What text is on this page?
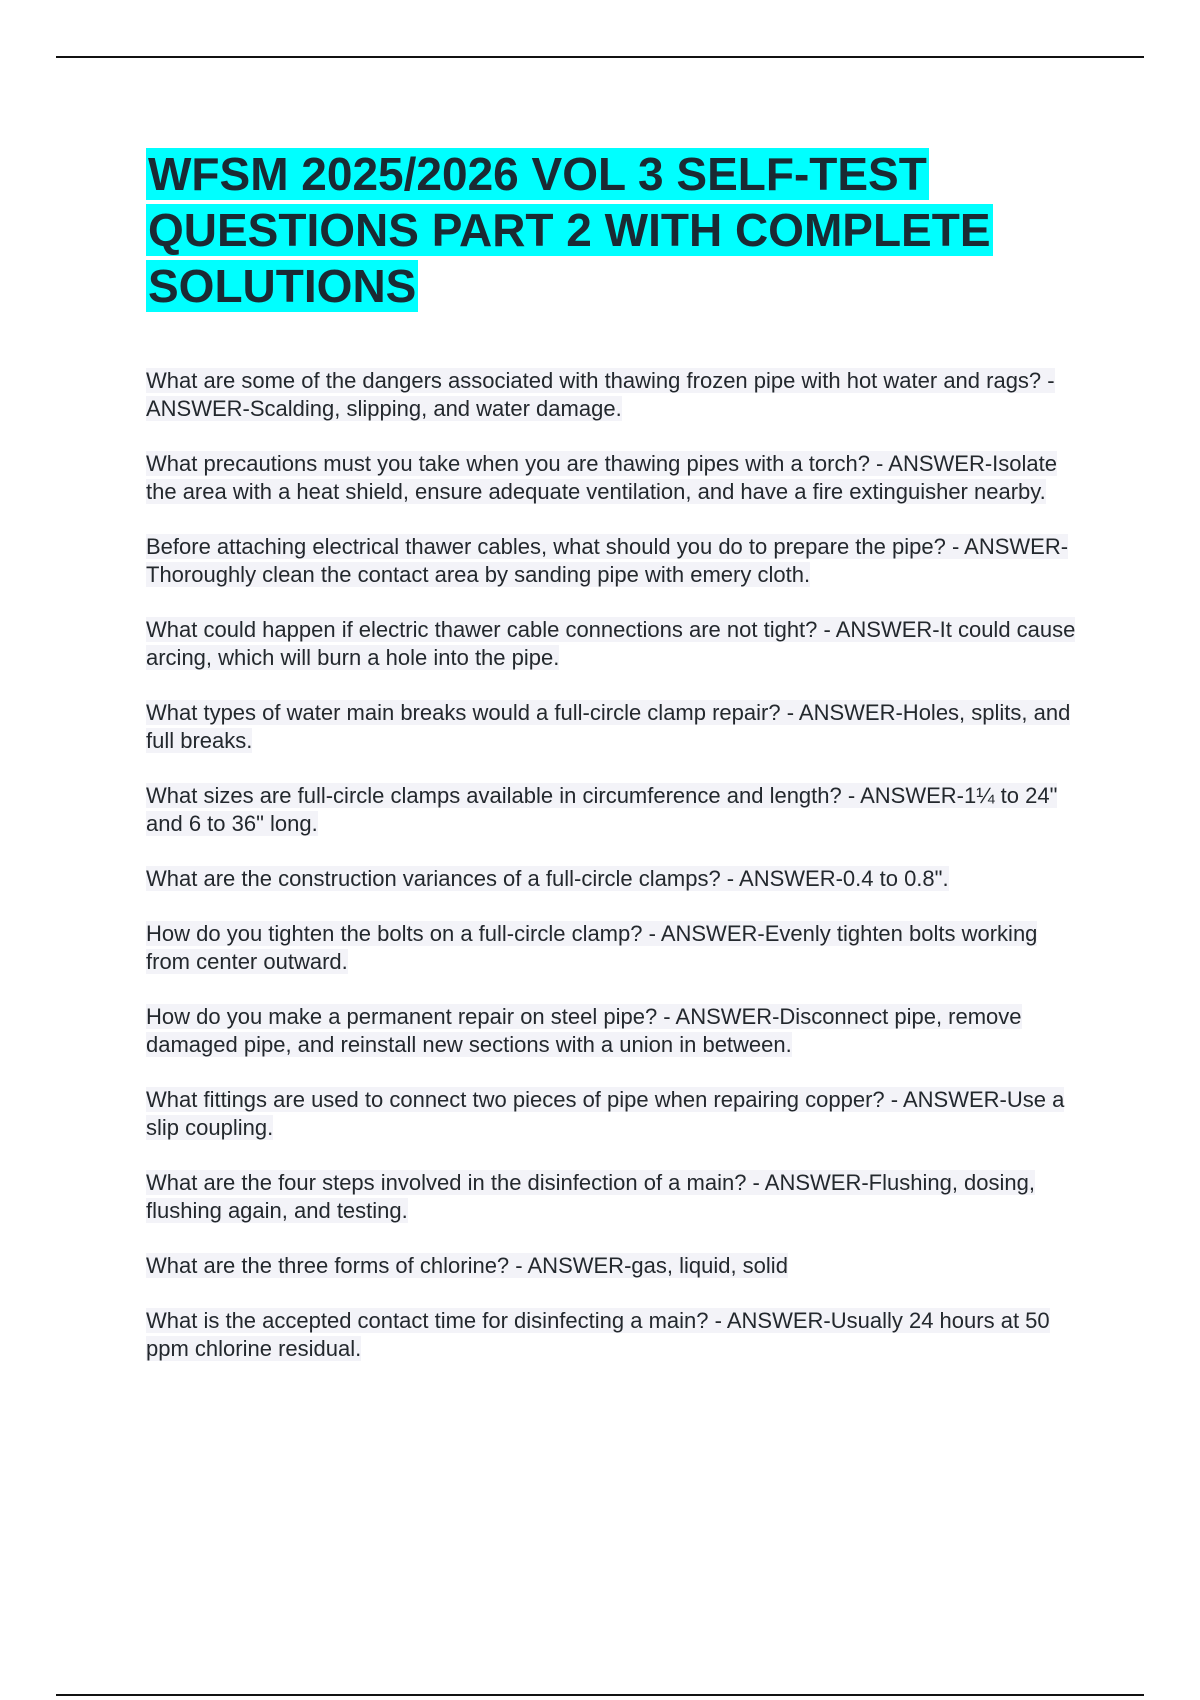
WFSM 2025/2026 VOL 3 SELF-TEST QUESTIONS PART 2 WITH COMPLETE SOLUTIONS
What are some of the dangers associated with thawing frozen pipe with hot water and rags? - ANSWER-Scalding, slipping, and water damage.
What precautions must you take when you are thawing pipes with a torch? - ANSWER-Isolate the area with a heat shield, ensure adequate ventilation, and have a fire extinguisher nearby.
Before attaching electrical thawer cables, what should you do to prepare the pipe? - ANSWER-Thoroughly clean the contact area by sanding pipe with emery cloth.
What could happen if electric thawer cable connections are not tight? - ANSWER-It could cause arcing, which will burn a hole into the pipe.
What types of water main breaks would a full-circle clamp repair? - ANSWER-Holes, splits, and full breaks.
What sizes are full-circle clamps available in circumference and length? - ANSWER-1¼ to 24" and 6 to 36" long.
What are the construction variances of a full-circle clamps? - ANSWER-0.4 to 0.8".
How do you tighten the bolts on a full-circle clamp? - ANSWER-Evenly tighten bolts working from center outward.
How do you make a permanent repair on steel pipe? - ANSWER-Disconnect pipe, remove damaged pipe, and reinstall new sections with a union in between.
What fittings are used to connect two pieces of pipe when repairing copper? - ANSWER-Use a slip coupling.
What are the four steps involved in the disinfection of a main? - ANSWER-Flushing, dosing, flushing again, and testing.
What are the three forms of chlorine? - ANSWER-gas, liquid, solid
What is the accepted contact time for disinfecting a main? - ANSWER-Usually 24 hours at 50 ppm chlorine residual.
